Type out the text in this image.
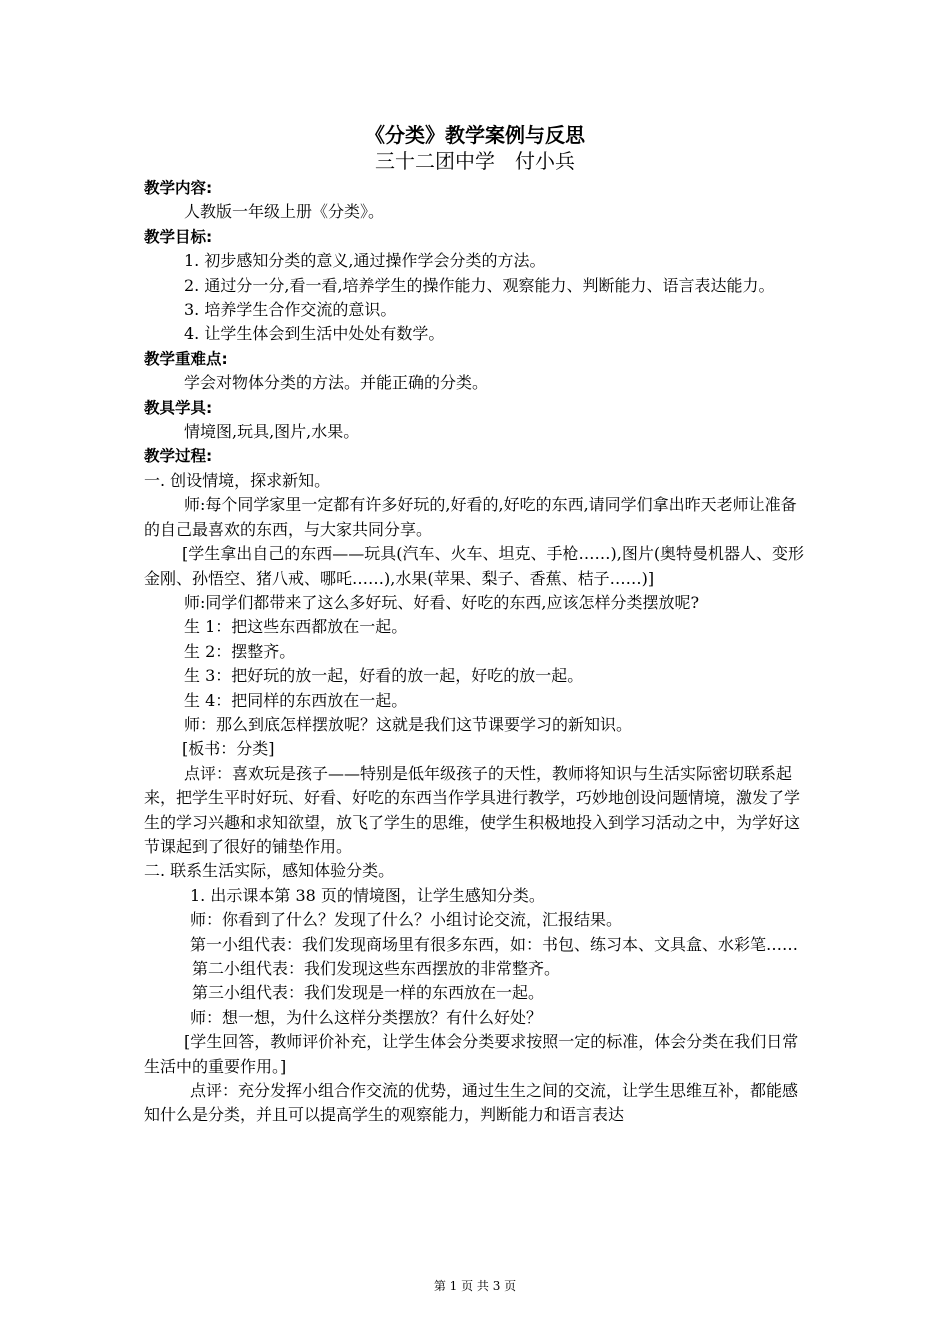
《分类》教学案例与反思
三十二团中学　付小兵

教学内容:

人教版一年级上册《分类》。

教学目标:

1. 初步感知分类的意义,通过操作学会分类的方法。

2. 通过分一分,看一看,培养学生的操作能力、观察能力、判断能力、语言表达能力。

3. 培养学生合作交流的意识。

4. 让学生体会到生活中处处有数学。

教学重难点:

学会对物体分类的方法。并能正确的分类。

教具学具:

情境图,玩具,图片,水果。

教学过程:

一. 创设情境，探求新知。

师:每个同学家里一定都有许多好玩的,好看的,好吃的东西,请同学们拿出昨天老师让准备的自己最喜欢的东西，与大家共同分享。

[学生拿出自己的东西——玩具(汽车、火车、坦克、手枪……),图片(奥特曼机器人、变形金刚、孙悟空、猪八戒、哪吒……),水果(苹果、梨子、香蕉、桔子……)]

师:同学们都带来了这么多好玩、好看、好吃的东西,应该怎样分类摆放呢?

生 1：把这些东西都放在一起。

生 2：摆整齐。

生 3：把好玩的放一起，好看的放一起，好吃的放一起。

生 4：把同样的东西放在一起。

师：那么到底怎样摆放呢？这就是我们这节课要学习的新知识。

[板书：分类]

点评：喜欢玩是孩子——特别是低年级孩子的天性，教师将知识与生活实际密切联系起来，把学生平时好玩、好看、好吃的东西当作学具进行教学，巧妙地创设问题情境，激发了学生的学习兴趣和求知欲望，放飞了学生的思维，使学生积极地投入到学习活动之中，为学好这节课起到了很好的铺垫作用。

二. 联系生活实际，感知体验分类。

1. 出示课本第 38 页的情境图，让学生感知分类。

师：你看到了什么？发现了什么？小组讨论交流，汇报结果。

第一小组代表：我们发现商场里有很多东西，如：书包、练习本、文具盒、水彩笔……

第二小组代表：我们发现这些东西摆放的非常整齐。

第三小组代表：我们发现是一样的东西放在一起。

师：想一想，为什么这样分类摆放？有什么好处？

[学生回答，教师评价补充，让学生体会分类要求按照一定的标准，体会分类在我们日常生活中的重要作用。]

点评：充分发挥小组合作交流的优势，通过生生之间的交流，让学生思维互补，都能感知什么是分类，并且可以提高学生的观察能力，判断能力和语言表达

第 1 页 共 3 页
